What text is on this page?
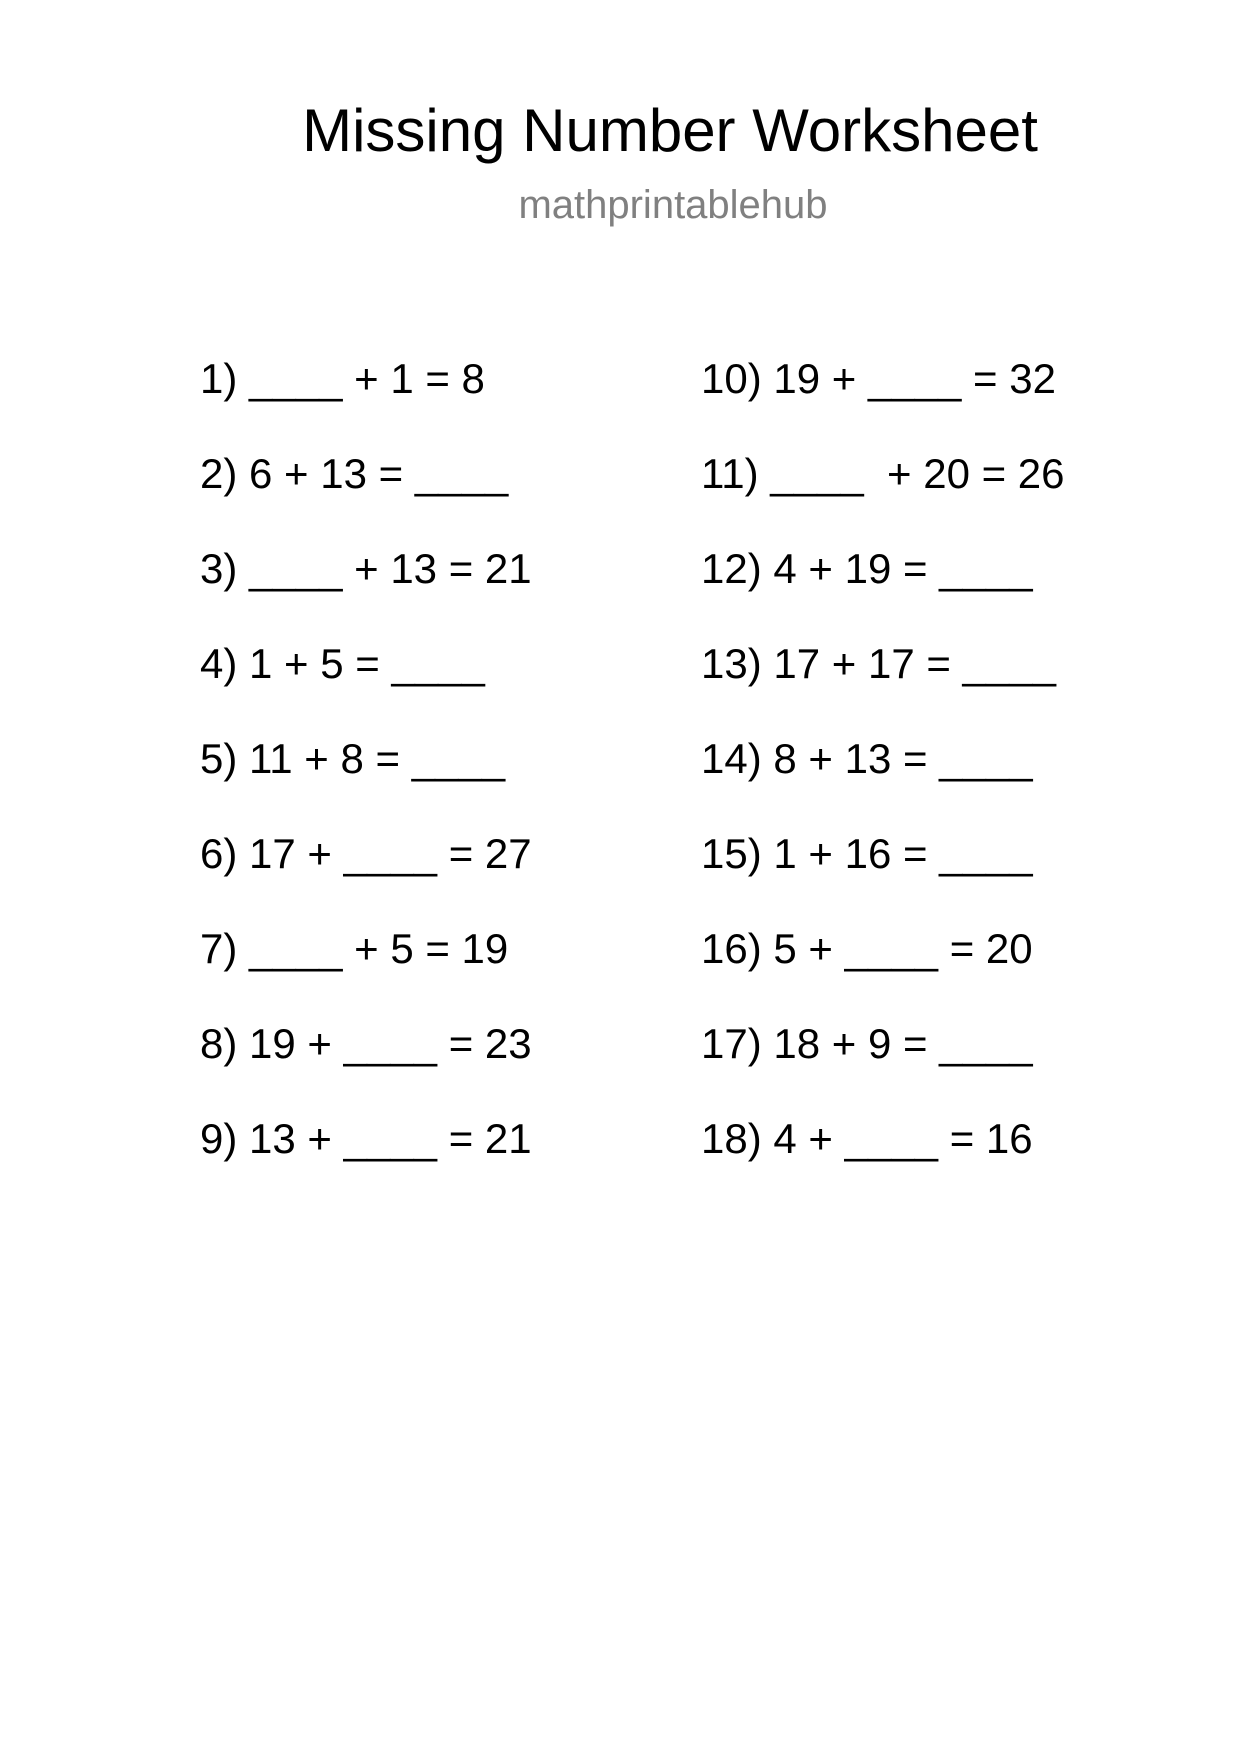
Missing Number Worksheet
mathprintablehub
1) ____ + 1 = 8
2) 6 + 13 = ____
3) ____ + 13 = 21
4) 1 + 5 = ____
5) 11 + 8 = ____
6) 17 + ____ = 27
7) ____ + 5 = 19
8) 19 + ____ = 23
9) 13 + ____ = 21
10) 19 + ____ = 32
11) ____  + 20 = 26
12) 4 + 19 = ____
13) 17 + 17 = ____
14) 8 + 13 = ____
15) 1 + 16 = ____
16) 5 + ____ = 20
17) 18 + 9 = ____
18) 4 + ____ = 16
